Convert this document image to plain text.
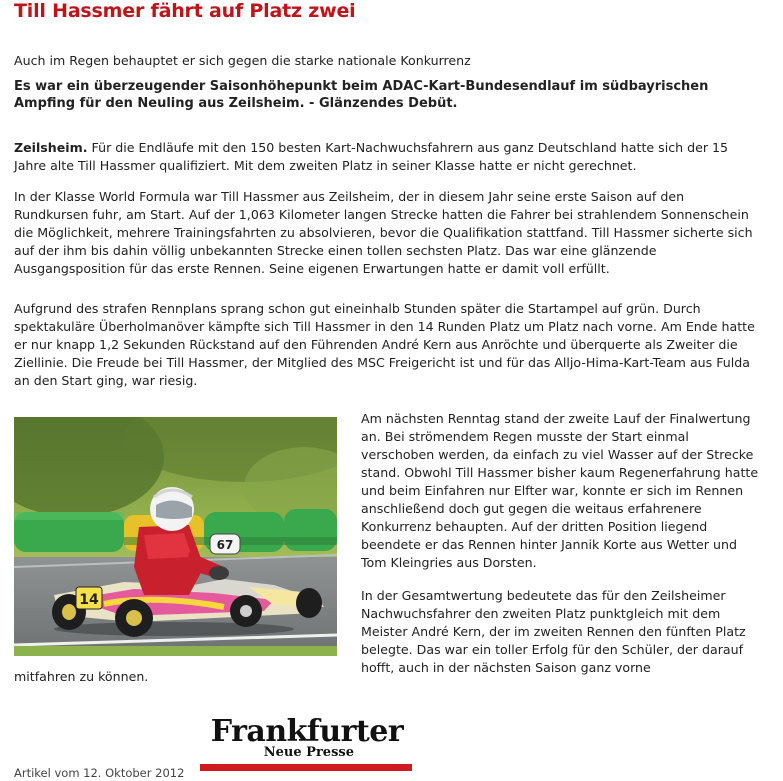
Till Hassmer fährt auf Platz zwei

Auch im Regen behauptet er sich gegen die starke nationale Konkurrenz

Es war ein überzeugender Saisonhöhepunkt beim ADAC-Kart-Bundesendlauf im südbayrischen Ampfing für den Neuling aus Zeilsheim. - Glänzendes Debüt.

Zeilsheim. Für die Endläufe mit den 150 besten Kart-Nachwuchsfahrern aus ganz Deutschland hatte sich der 15 Jahre alte Till Hassmer qualifiziert. Mit dem zweiten Platz in seiner Klasse hatte er nicht gerechnet.

In der Klasse World Formula war Till Hassmer aus Zeilsheim, der in diesem Jahr seine erste Saison auf den Rundkursen fuhr, am Start. Auf der 1,063 Kilometer langen Strecke hatten die Fahrer bei strahlendem Sonnenschein die Möglichkeit, mehrere Trainingsfahrten zu absolvieren, bevor die Qualifikation stattfand. Till Hassmer sicherte sich auf der ihm bis dahin völlig unbekannten Strecke einen tollen sechsten Platz. Das war eine glänzende Ausgangsposition für das erste Rennen. Seine eigenen Erwartungen hatte er damit voll erfüllt.

Aufgrund des strafen Rennplans sprang schon gut eineinhalb Stunden später die Startampel auf grün. Durch spektakuläre Überholmanöver kämpfte sich Till Hassmer in den 14 Runden Platz um Platz nach vorne. Am Ende hatte er nur knapp 1,2 Sekunden Rückstand auf den Führenden André Kern aus Anröchte und überquerte als Zweiter die Ziellinie. Die Freude bei Till Hassmer, der Mitglied des MSC Freigericht ist und für das Alljo-Hima-Kart-Team aus Fulda an den Start ging, war riesig.

14
67

Am nächsten Renntag stand der zweite Lauf der Finalwertung an. Bei strömendem Regen musste der Start einmal verschoben werden, da einfach zu viel Wasser auf der Strecke stand. Obwohl Till Hassmer bisher kaum Regenerfahrung hatte und beim Einfahren nur Elfter war, konnte er sich im Rennen anschließend doch gut gegen die weitaus erfahrenere Konkurrenz behaupten. Auf der dritten Position liegend beendete er das Rennen hinter Jannik Korte aus Wetter und Tom Kleingries aus Dorsten.

In der Gesamtwertung bedeutete das für den Zeilsheimer Nachwuchsfahrer den zweiten Platz punktgleich mit dem Meister André Kern, der im zweiten Rennen den fünften Platz belegte. Das war ein toller Erfolg für den Schüler, der darauf hofft, auch in der nächsten Saison ganz vorne

mitfahren zu können.

Frankfurter

Neue Presse

Artikel vom 12. Oktober 2012
